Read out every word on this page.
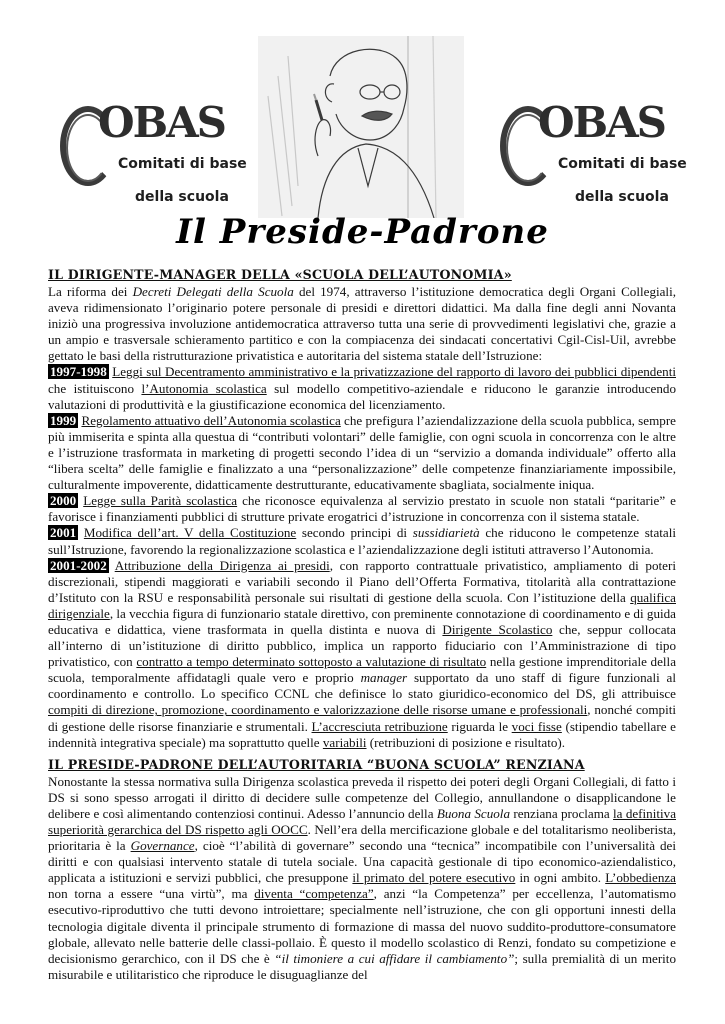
OBAS
Comitati di base
della scuola
OBAS
Comitati di base
della scuola
Il Preside-Padrone
IL DIRIGENTE-MANAGER DELLA «SCUOLA DELL’AUTONOMIA»

La riforma dei Decreti Delegati della Scuola del 1974, attraverso l’istituzione democratica degli Organi Collegiali, aveva ridimensionato l’originario potere personale di presidi e direttori didattici. Ma dalla fine degli anni Novanta iniziò una progressiva involuzione antidemocratica attraverso tutta una serie di provvedimenti legislativi che, grazie a un ampio e trasversale schieramento partitico e con la compiacenza dei sindacati concertativi Cgil-Cisl-Uil, avrebbe gettato le basi della ristrutturazione privatistica e autoritaria del sistema statale dell’Istruzione:

1997-1998 Leggi sul Decentramento amministrativo e la privatizzazione del rapporto di lavoro dei pubblici dipendenti che istituiscono l’Autonomia scolastica sul modello competitivo-aziendale e riducono le garanzie introducendo valutazioni di produttività e la giustificazione economica del licenziamento.

1999 Regolamento attuativo dell’Autonomia scolastica che prefigura l’aziendalizzazione della scuola pubblica, sempre più immiserita e spinta alla questua di “contributi volontari” delle famiglie, con ogni scuola in concorrenza con le altre e l’istruzione trasformata in marketing di progetti secondo l’idea di un “servizio a domanda individuale” offerto alla “libera scelta” delle famiglie e finalizzato a una “personalizzazione” delle competenze finanziariamente impossibile, culturalmente impoverente, didatticamente destrutturante, educativamente sbagliata, socialmente iniqua.

2000 Legge sulla Parità scolastica che riconosce equivalenza al servizio prestato in scuole non statali “paritarie” e favorisce i finanziamenti pubblici di strutture private erogatrici d’istruzione in concorrenza con il sistema statale.

2001 Modifica dell’art. V della Costituzione secondo principi di sussidiarietà che riducono le competenze statali sull’Istruzione, favorendo la regionalizzazione scolastica e l’aziendalizzazione degli istituti attraverso l’Autonomia.

2001-2002 Attribuzione della Dirigenza ai presidi, con rapporto contrattuale privatistico, ampliamento di poteri discrezionali, stipendi maggiorati e variabili secondo il Piano dell’Offerta Formativa, titolarità alla contrattazione d’Istituto con la RSU e responsabilità personale sui risultati di gestione della scuola. Con l’istituzione della qualifica dirigenziale, la vecchia figura di funzionario statale direttivo, con preminente connotazione di coordinamento e di guida educativa e didattica, viene trasformata in quella distinta e nuova di Dirigente Scolastico che, seppur collocata all’interno di un’istituzione di diritto pubblico, implica un rapporto fiduciario con l’Amministrazione di tipo privatistico, con contratto a tempo determinato sottoposto a valutazione di risultato nella gestione imprenditoriale della scuola, temporalmente affidatagli quale vero e proprio manager supportato da uno staff di figure funzionali al coordinamento e controllo. Lo specifico CCNL che definisce lo stato giuridico-economico del DS, gli attribuisce compiti di direzione, promozione, coordinamento e valorizzazione delle risorse umane e professionali, nonché compiti di gestione delle risorse finanziarie e strumentali. L’accresciuta retribuzione riguarda le voci fisse (stipendio tabellare e indennità integrativa speciale) ma soprattutto quelle variabili (retribuzioni di posizione e risultato).

IL PRESIDE-PADRONE DELL’AUTORITARIA “BUONA SCUOLA” RENZIANA

Nonostante la stessa normativa sulla Dirigenza scolastica preveda il rispetto dei poteri degli Organi Collegiali, di fatto i DS si sono spesso arrogati il diritto di decidere sulle competenze del Collegio, annullandone o disapplicandone le delibere e così alimentando contenziosi continui. Adesso l’annuncio della Buona Scuola renziana proclama la definitiva superiorità gerarchica del DS rispetto agli OOCC. Nell’era della mercificazione globale e del totalitarismo neoliberista, prioritaria è la Governance, cioè “l’abilità di governare” secondo una “tecnica” incompatibile con l’universalità dei diritti e con qualsiasi intervento statale di tutela sociale. Una capacità gestionale di tipo economico-aziendalistico, applicata a istituzioni e servizi pubblici, che presuppone il primato del potere esecutivo in ogni ambito. L’obbedienza non torna a essere “una virtù”, ma diventa “competenza”, anzi “la Competenza” per eccellenza, l’automatismo esecutivo-riproduttivo che tutti devono introiettare; specialmente nell’istruzione, che con gli opportuni innesti della tecnologia digitale diventa il principale strumento di formazione di massa del nuovo suddito-produttore-consumatore globale, allevato nelle batterie delle classi-pollaio. È questo il modello scolastico di Renzi, fondato su competizione e decisionismo gerarchico, con il DS che è “il timoniere a cui affidare il cambiamento”; sulla premialità di un merito misurabile e utilitaristico che riproduce le disuguaglianze del
